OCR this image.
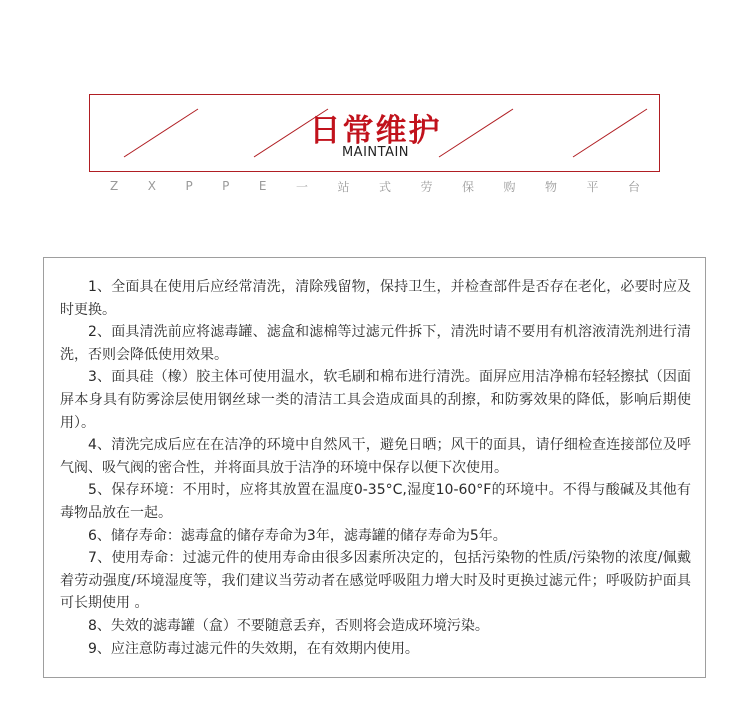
日常维护
MAINTAIN
Z X P P E 一 站 式 劳 保 购 物 平 台

1、全面具在使用后应经常清洗，清除残留物，保持卫生，并检查部件是否存在老化，必要时应及时更换。

2、面具清洗前应将滤毒罐、滤盒和滤棉等过滤元件拆下，清洗时请不要用有机溶液清洗剂进行清洗，否则会降低使用效果。

3、面具硅（橡）胶主体可使用温水，软毛刷和棉布进行清洗。面屏应用洁净棉布轻轻擦拭（因面屏本身具有防雾涂层使用钢丝球一类的清洁工具会造成面具的刮擦，和防雾效果的降低，影响后期使用）。

4、清洗完成后应在在洁净的环境中自然风干，避免日晒；风干的面具，请仔细检查连接部位及呼气阀、吸气阀的密合性，并将面具放于洁净的环境中保存以便下次使用。

5、保存环境：不用时，应将其放置在温度0-35°C,湿度10-60°F的环境中。不得与酸碱及其他有毒物品放在一起。

6、储存寿命：滤毒盒的储存寿命为3年，滤毒罐的储存寿命为5年。

7、使用寿命：过滤元件的使用寿命由很多因素所决定的，包括污染物的性质/污染物的浓度/佩戴着劳动强度/环境湿度等，我们建议当劳动者在感觉呼吸阻力增大时及时更换过滤元件；呼吸防护面具可长期使用 。

8、失效的滤毒罐（盒）不要随意丢弃，否则将会造成环境污染。

9、应注意防毒过滤元件的失效期，在有效期内使用。
